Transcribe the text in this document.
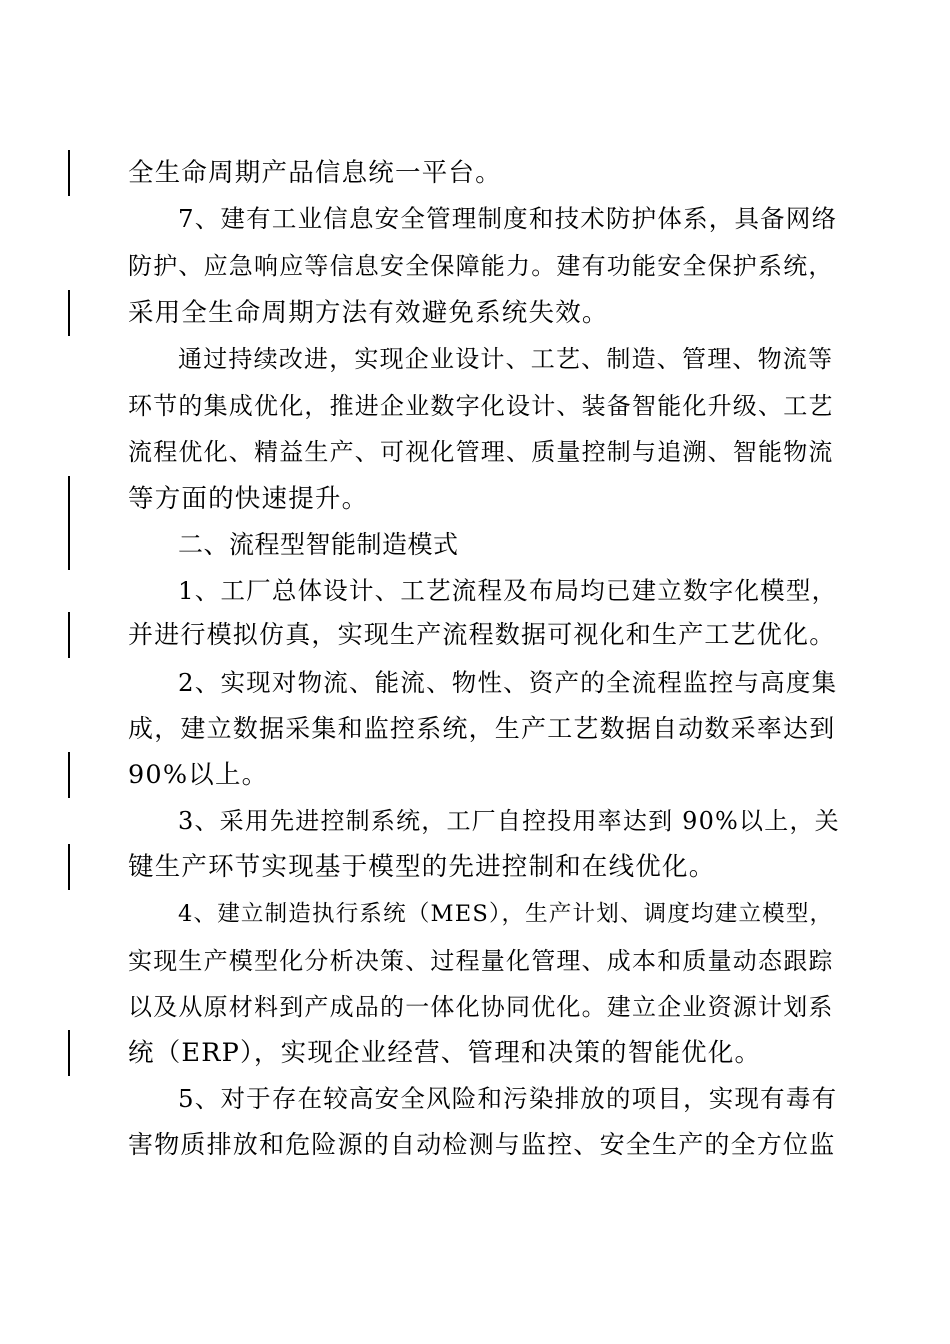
全生命周期产品信息统一平台。
7、建有工业信息安全管理制度和技术防护体系，具备网络
防护、应急响应等信息安全保障能力。建有功能安全保护系统，
采用全生命周期方法有效避免系统失效。
通过持续改进，实现企业设计、工艺、制造、管理、物流等
环节的集成优化，推进企业数字化设计、装备智能化升级、工艺
流程优化、精益生产、可视化管理、质量控制与追溯、智能物流
等方面的快速提升。
二、流程型智能制造模式
1、工厂总体设计、工艺流程及布局均已建立数字化模型，
并进行模拟仿真，实现生产流程数据可视化和生产工艺优化。
2、实现对物流、能流、物性、资产的全流程监控与高度集
成，建立数据采集和监控系统，生产工艺数据自动数采率达到
90%以上。
3、采用先进控制系统，工厂自控投用率达到 90%以上，关
键生产环节实现基于模型的先进控制和在线优化。
4、建立制造执行系统（MES），生产计划、调度均建立模型，
实现生产模型化分析决策、过程量化管理、成本和质量动态跟踪
以及从原材料到产成品的一体化协同优化。建立企业资源计划系
统（ERP），实现企业经营、管理和决策的智能优化。
5、对于存在较高安全风险和污染排放的项目，实现有毒有
害物质排放和危险源的自动检测与监控、安全生产的全方位监
